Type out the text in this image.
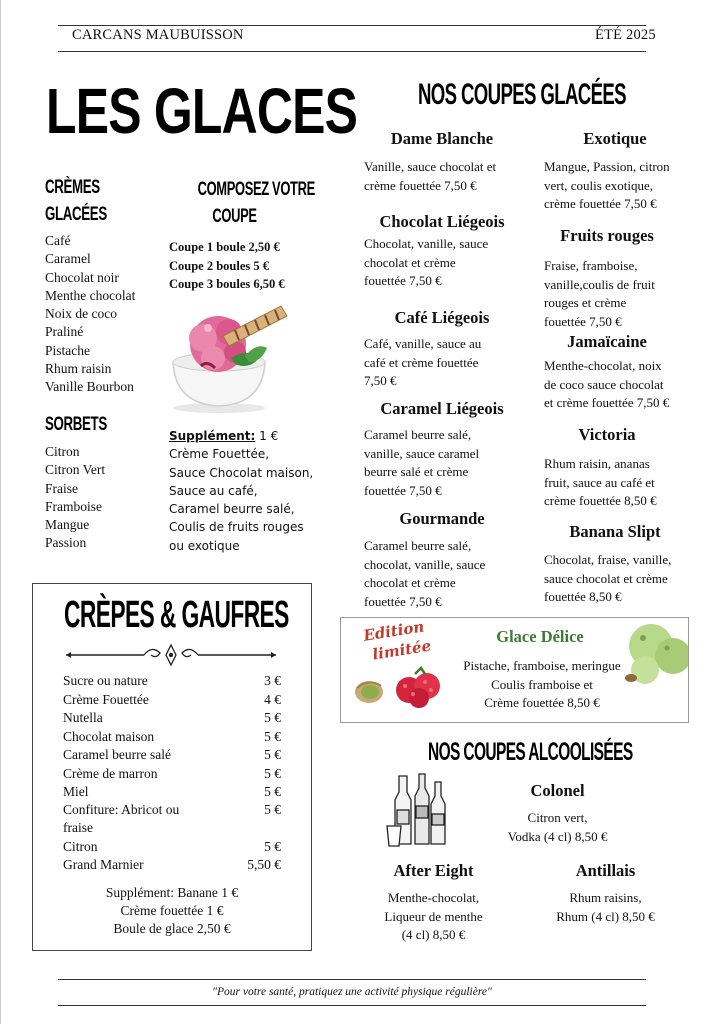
CARCANS MAUBUISSON	ÉTÉ 2025
LES GLACES
CRÈMES
GLACÉES
Café
Caramel
Chocolat noir
Menthe chocolat
Noix de coco
Praliné
Pistache
Rhum raisin
Vanille Bourbon
SORBETS
Citron
Citron Vert
Fraise
Framboise
Mangue
Passion
COMPOSEZ VOTRE
COUPE
Coupe 1 boule 2,50 €
Coupe 2 boules 5 €
Coupe 3 boules 6,50 €
Supplément: 1 €
Crème Fouettée,
Sauce Chocolat maison,
Sauce au café,
Caramel beurre salé,
Coulis de fruits rouges
ou exotique
NOS COUPES GLACÉES
Dame Blanche
Vanille, sauce chocolat et
crème fouettée 7,50 €
Chocolat Liégeois
Chocolat, vanille, sauce
chocolat et crème
fouettée 7,50 €
Café Liégeois
Café, vanille, sauce au
café et crème fouettée
7,50 €
Caramel Liégeois
Caramel beurre salé,
vanille, sauce caramel
beurre salé et crème
fouettée 7,50 €
Gourmande
Caramel beurre salé,
chocolat, vanille, sauce
chocolat et crème
fouettée 7,50 €
Exotique
Mangue, Passion, citron
vert, coulis exotique,
crème fouettée 7,50 €
Fruits rouges
Fraise, framboise,
vanille,coulis de fruit
rouges et crème
fouettée 7,50 €
Jamaïcaine
Menthe-chocolat, noix
de coco sauce chocolat
et crème fouettée 7,50 €
Victoria
Rhum raisin, ananas
fruit, sauce au café et
crème fouettée 8,50 €
Banana Slipt
Chocolat, fraise, vanille,
sauce chocolat et crème
fouettée 8,50 €
CRÈPES & GAUFRES
Sucre ou nature	3 €
Crème Fouettée	4 €
Nutella	5 €
Chocolat maison	5 €
Caramel beurre salé	5 €
Crème de marron	5 €
Miel	5 €
Confiture: Abricot ou	5 €
fraise
Citron	5 €
Grand Marnier	5,50 €
Supplément: Banane 1 €
Crème fouettée 1 €
Boule de glace 2,50 €
Edition
limitée
Glace Délice
Pistache, framboise, meringue
Coulis framboise et
Crème fouettée 8,50 €
NOS COUPES ALCOOLISÉES
Colonel
Citron vert,
Vodka (4 cl) 8,50 €
After Eight
Menthe-chocolat,
Liqueur de menthe
(4 cl) 8,50 €
Antillais
Rhum raisins,
Rhum (4 cl) 8,50 €
"Pour votre santé, pratiquez une activité physique régulière"
